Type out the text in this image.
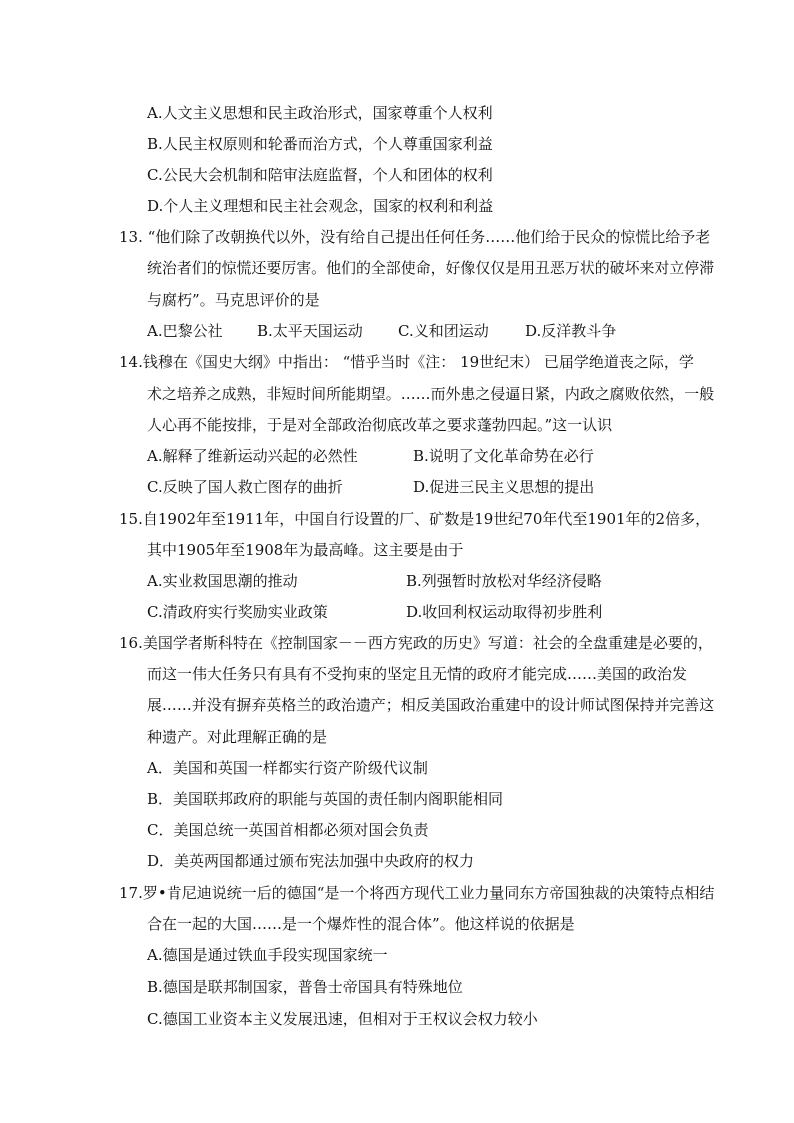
A.人文主义思想和民主政治形式，国家尊重个人权利
B.人民主权原则和轮番而治方式，个人尊重国家利益
C.公民大会机制和陪审法庭监督，个人和团体的权利
D.个人主义理想和民主社会观念，国家的权利和利益
13. “他们除了改朝换代以外，没有给自己提出任何任务……他们给于民众的惊慌比给予老
统治者们的惊慌还要厉害。他们的全部使命，好像仅仅是用丑恶万状的破坏来对立停滞
与腐朽”。马克思评价的是
A.巴黎公社 B.太平天国运动 C.义和团运动 D.反洋教斗争
14.钱穆在《国史大纲》中指出： “惜乎当时《注： 19世纪末） 已届学绝道丧之际，学
术之培养之成熟，非短时间所能期望。……而外患之侵逼日紧，内政之腐败依然，一般
人心再不能按排，于是对全部政治彻底改革之要求蓬勃四起。”这一认识
A.解释了维新运动兴起的必然性	B.说明了文化革命势在必行
C.反映了国人救亡图存的曲折	D.促进三民主义思想的提出
15.自1902年至1911年，中国自行设置的厂、矿数是19世纪70年代至1901年的2倍多，
其中1905年至1908年为最高峰。这主要是由于
A.实业救国思潮的推动	B.列强暂时放松对华经济侵略
C.清政府实行奖励实业政策	D.收回利权运动取得初步胜利
16.美国学者斯科特在《控制国家－－西方宪政的历史》写道：社会的全盘重建是必要的，
而这一伟大任务只有具有不受拘束的坚定且无情的政府才能完成……美国的政治发
展……并没有摒弃英格兰的政治遗产；相反美国政治重建中的设计师试图保持并完善这
种遗产。对此理解正确的是
A．美国和英国一样都实行资产阶级代议制
B．美国联邦政府的职能与英国的责任制内阁职能相同
C．美国总统一英国首相都必须对国会负责
D．美英两国都通过颁布宪法加强中央政府的权力
17.罗•肯尼迪说统一后的德国“是一个将西方现代工业力量同东方帝国独裁的决策特点相结
合在一起的大国……是一个爆炸性的混合体”。他这样说的依据是
A.德国是通过铁血手段实现国家统一
B.德国是联邦制国家，普鲁士帝国具有特殊地位
C.德国工业资本主义发展迅速，但相对于王权议会权力较小
